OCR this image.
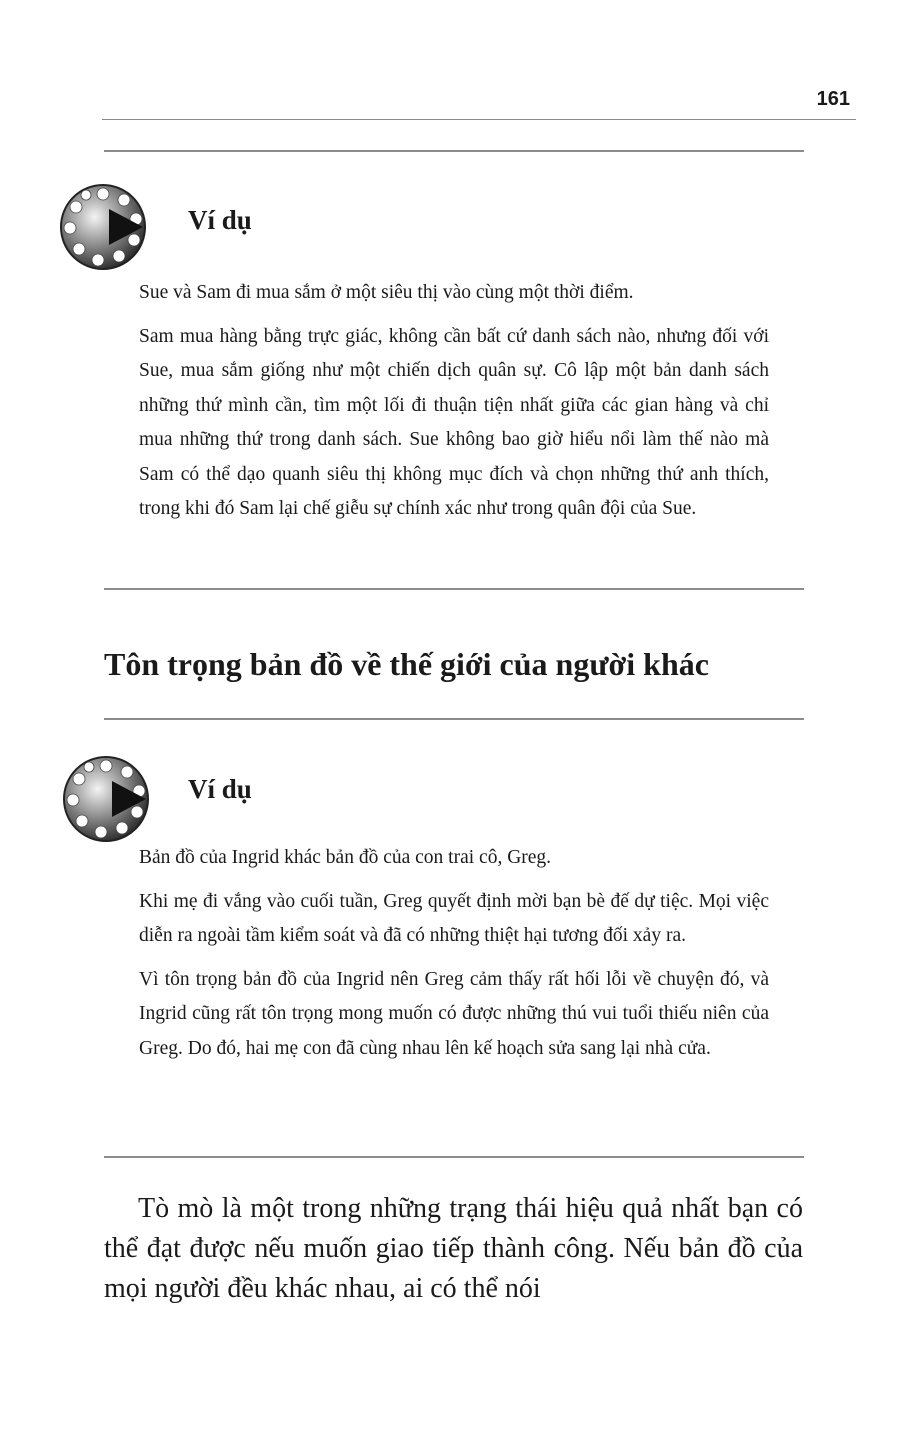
161
Ví dụ

Sue và Sam đi mua sắm ở một siêu thị vào cùng một thời điểm.

Sam mua hàng bằng trực giác, không cần bất cứ danh sách nào, nhưng đối với Sue, mua sắm giống như một chiến dịch quân sự. Cô lập một bản danh sách những thứ mình cần, tìm một lối đi thuận tiện nhất giữa các gian hàng và chỉ mua những thứ trong danh sách. Sue không bao giờ hiểu nổi làm thế nào mà Sam có thể dạo quanh siêu thị không mục đích và chọn những thứ anh thích, trong khi đó Sam lại chế giễu sự chính xác như trong quân đội của Sue.

Tôn trọng bản đồ về thế giới của người khác
Ví dụ

Bản đồ của Ingrid khác bản đồ của con trai cô, Greg.

Khi mẹ đi vắng vào cuối tuần, Greg quyết định mời bạn bè đế dự tiệc. Mọi việc diễn ra ngoài tầm kiểm soát và đã có những thiệt hại tương đối xảy ra.

Vì tôn trọng bản đồ của Ingrid nên Greg cảm thấy rất hối lỗi về chuyện đó, và Ingrid cũng rất tôn trọng mong muốn có được những thú vui tuổi thiếu niên của Greg. Do đó, hai mẹ con đã cùng nhau lên kế hoạch sửa sang lại nhà cửa.

Tò mò là một trong những trạng thái hiệu quả nhất bạn có thể đạt được nếu muốn giao tiếp thành công. Nếu bản đồ của mọi người đều khác nhau, ai có thể nói
